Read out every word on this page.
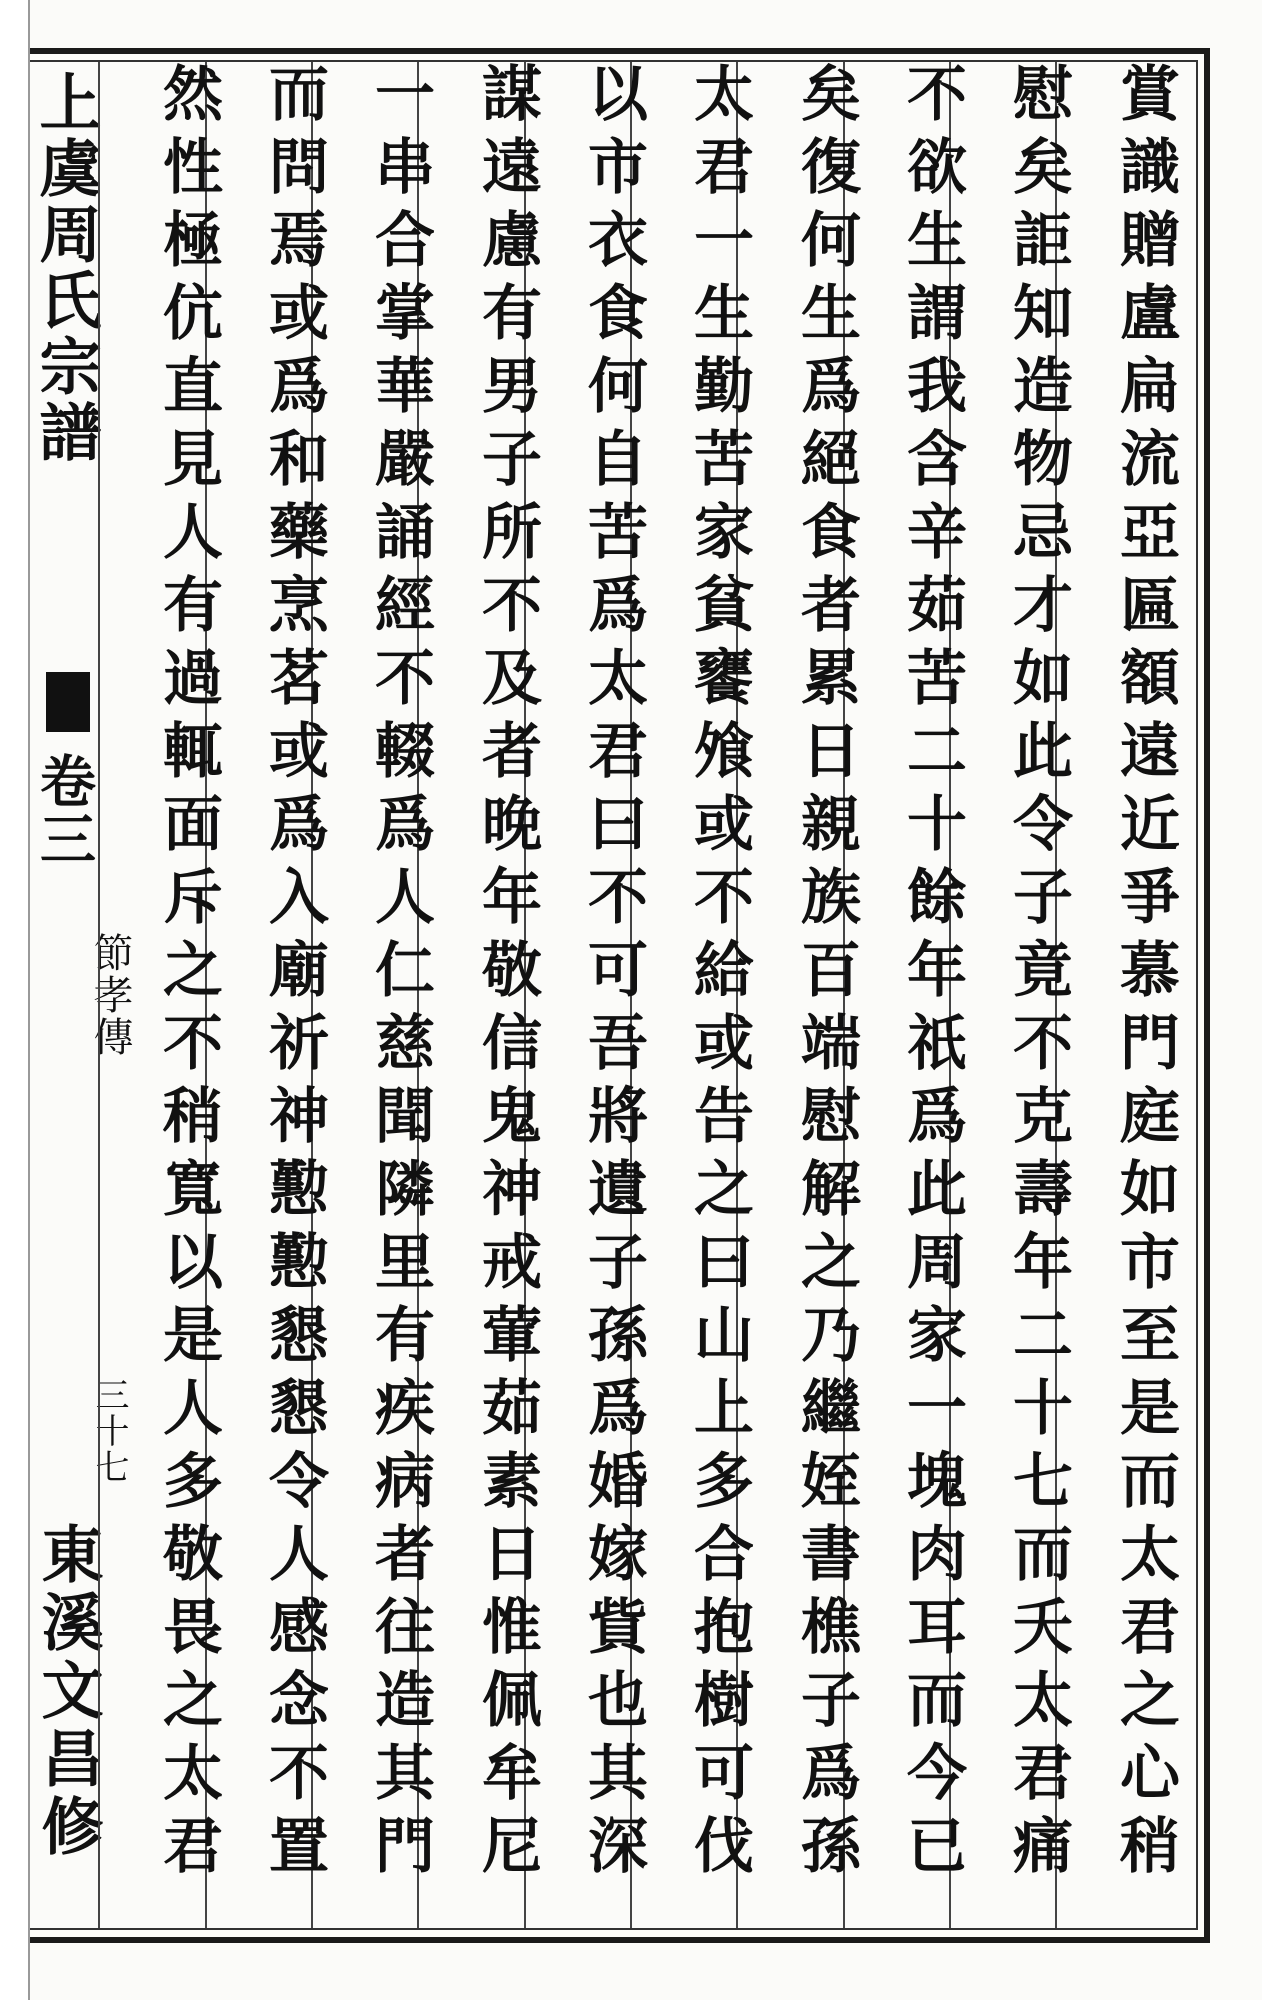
上虞周氏宗譜
卷三
節孝傳
三十七
東溪文昌修	賞識贈盧扁流亞匾額遠近爭慕門庭如市至是而太君之心稍
慰矣詎知造物忌才如此令子竟不克壽年二十七而夭太君痛
不欲生謂我含辛茹苦二十餘年祇爲此周家一塊肉耳而今已
矣復何生爲絕食者累日親族百端慰解之乃繼姪書樵子爲孫
太君一生勤苦家貧饔飧或不給或告之曰山上多合抱樹可伐
以市衣食何自苦爲太君曰不可吾將遺子孫爲婚嫁貲也其深
謀遠慮有男子所不及者晚年敬信鬼神戒葷茹素日惟佩牟尼
一串合掌華嚴誦經不輟爲人仁慈聞隣里有疾病者往造其門
而問焉或爲和藥烹茗或爲入廟祈神懃懃懇懇令人感念不置
然性極伉直見人有過輒面斥之不稍寬以是人多敬畏之太君
